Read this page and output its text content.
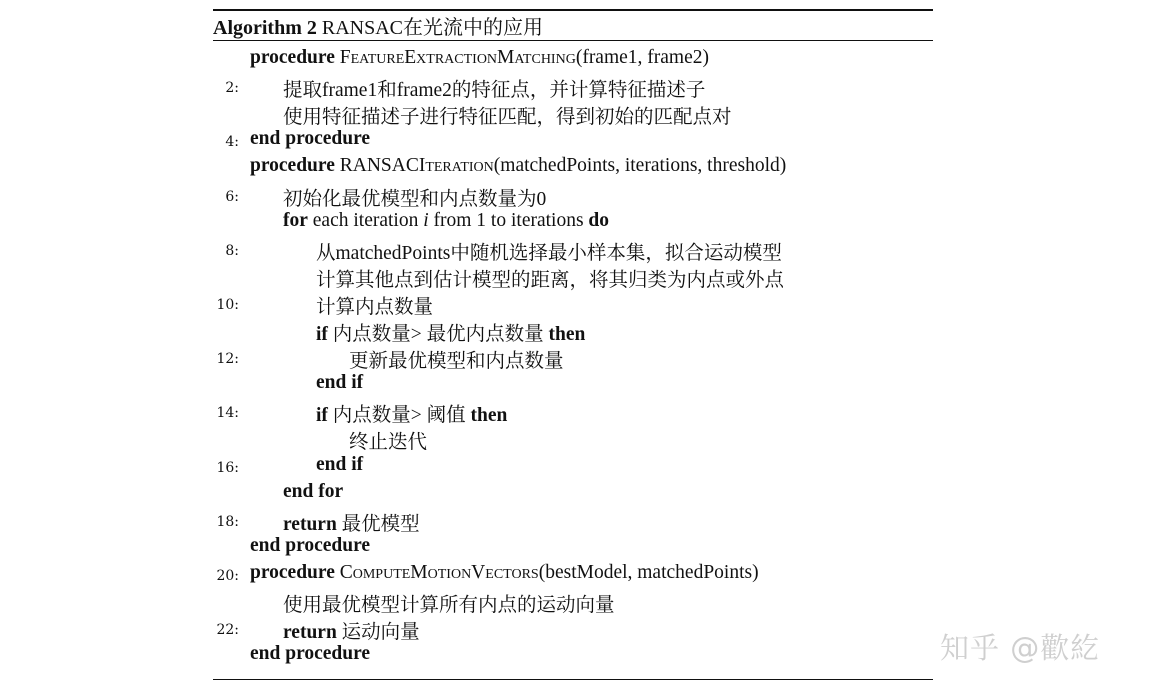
Algorithm 2 RANSAC在光流中的应用
procedure FeatureExtractionMatching(frame1, frame2)
2: 提取frame1和frame2的特征点，并计算特征描述子
使用特征描述子进行特征匹配，得到初始的匹配点对
4: end procedure
procedure RANSACIteration(matchedPoints, iterations, threshold)
6: 初始化最优模型和内点数量为0
for each iteration i from 1 to iterations do
8:	从matchedPoints中随机选择最小样本集，拟合运动模型
计算其他点到估计模型的距离，将其归类为内点或外点
10:	计算内点数量
if 内点数量> 最优内点数量 then
12:	更新最优模型和内点数量
end if
14:	if 内点数量> 阈值 then
终止迭代
16:	end if
end for
18: return 最优模型
end procedure
20: procedure ComputeMotionVectors(bestModel, matchedPoints)
使用最优模型计算所有内点的运动向量
22: return 运动向量
end procedure	知乎 @歡紇
